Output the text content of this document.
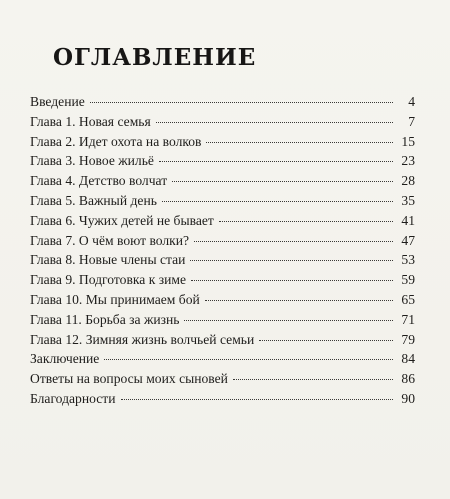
ОГЛАВЛЕНИЕ
Введение	4
Глава 1. Новая семья	7
Глава 2. Идет охота на волков	15
Глава 3. Новое жильё	23
Глава 4. Детство волчат	28
Глава 5. Важный день	35
Глава 6. Чужих детей не бывает	41
Глава 7. О чём воют волки?	47
Глава 8. Новые члены стаи	53
Глава 9. Подготовка к зиме	59
Глава 10. Мы принимаем бой	65
Глава 11. Борьба за жизнь	71
Глава 12. Зимняя жизнь волчьей семьи	79
Заключение	84
Ответы на вопросы моих сыновей	86
Благодарности	90
